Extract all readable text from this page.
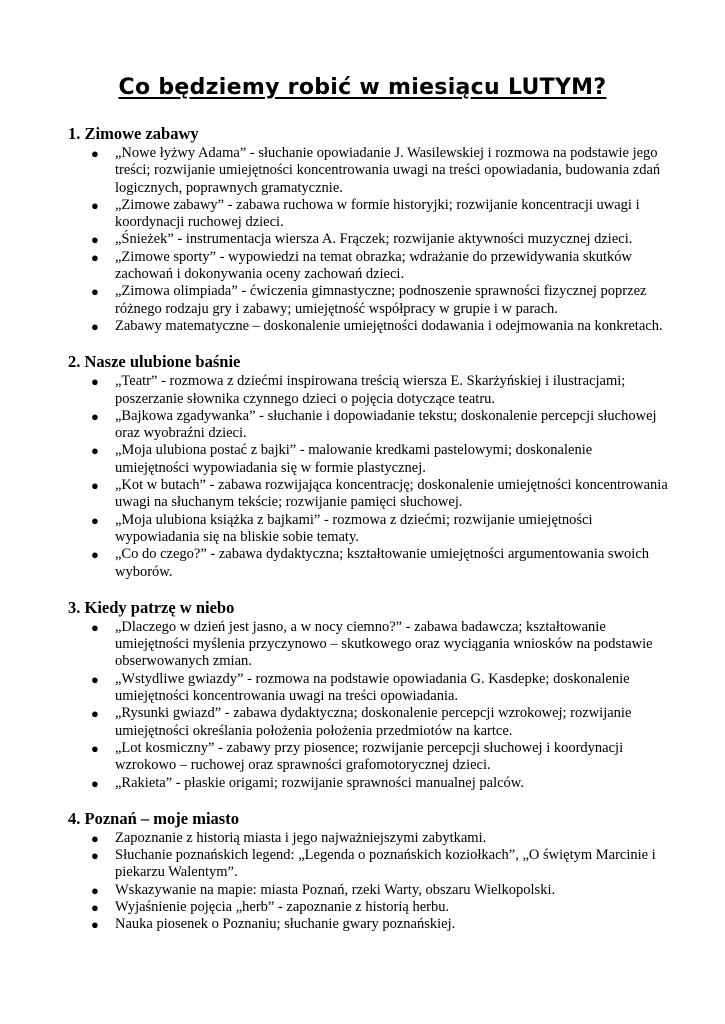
Co będziemy robić w miesiącu LUTYM?
1. Zimowe zabawy
● „Nowe łyżwy Adama” - słuchanie opowiadanie J. Wasilewskiej i rozmowa na podstawie jego treści; rozwijanie umiejętności koncentrowania uwagi na treści opowiadania, budowania zdań logicznych, poprawnych gramatycznie.
● „Zimowe zabawy” - zabawa ruchowa w formie historyjki; rozwijanie koncentracji uwagi i koordynacji ruchowej dzieci.
● „Śnieżek” - instrumentacja wiersza A. Frączek; rozwijanie aktywności muzycznej dzieci.
● „Zimowe sporty” - wypowiedzi na temat obrazka; wdrażanie do przewidywania skutków zachowań i dokonywania oceny zachowań dzieci.
● „Zimowa olimpiada” - ćwiczenia gimnastyczne; podnoszenie sprawności fizycznej poprzez różnego rodzaju gry i zabawy; umiejętność współpracy w grupie i w parach.
● Zabawy matematyczne – doskonalenie umiejętności dodawania i odejmowania na konkretach.
2. Nasze ulubione baśnie
● „Teatr” - rozmowa z dziećmi inspirowana treścią wiersza E. Skarżyńskiej i ilustracjami; poszerzanie słownika czynnego dzieci o pojęcia dotyczące teatru.
● „Bajkowa zgadywanka” - słuchanie i dopowiadanie tekstu; doskonalenie percepcji słuchowej oraz wyobraźni dzieci.
● „Moja ulubiona postać z bajki” - malowanie kredkami pastelowymi; doskonalenie umiejętności wypowiadania się w formie plastycznej.
● „Kot w butach” - zabawa rozwijająca koncentrację; doskonalenie umiejętności koncentrowania uwagi na słuchanym tekście; rozwijanie pamięci słuchowej.
● „Moja ulubiona książka z bajkami” - rozmowa z dziećmi; rozwijanie umiejętności wypowiadania się na bliskie sobie tematy.
● „Co do czego?” - zabawa dydaktyczna; kształtowanie umiejętności argumentowania swoich wyborów.
3. Kiedy patrzę w niebo
● „Dlaczego w dzień jest jasno, a w nocy ciemno?” - zabawa badawcza; kształtowanie umiejętności myślenia przyczynowo – skutkowego oraz wyciągania wniosków na podstawie obserwowanych zmian.
● „Wstydliwe gwiazdy” - rozmowa na podstawie opowiadania G. Kasdepke; doskonalenie umiejętności koncentrowania uwagi na treści opowiadania.
● „Rysunki gwiazd” - zabawa dydaktyczna; doskonalenie percepcji wzrokowej; rozwijanie umiejętności określania położenia położenia przedmiotów na kartce.
● „Lot kosmiczny” - zabawy przy piosence; rozwijanie percepcji słuchowej i koordynacji wzrokowo – ruchowej oraz sprawności grafomotorycznej dzieci.
● „Rakieta” - płaskie origami; rozwijanie sprawności manualnej palców.
4. Poznań – moje miasto
● Zapoznanie z historią miasta i jego najważniejszymi zabytkami.
● Słuchanie poznańskich legend: „Legenda o poznańskich koziołkach”, „O świętym Marcinie i piekarzu Walentym”.
● Wskazywanie na mapie: miasta Poznań, rzeki Warty, obszaru Wielkopolski.
● Wyjaśnienie pojęcia „herb” - zapoznanie z historią herbu.
● Nauka piosenek o Poznaniu; słuchanie gwary poznańskiej.
